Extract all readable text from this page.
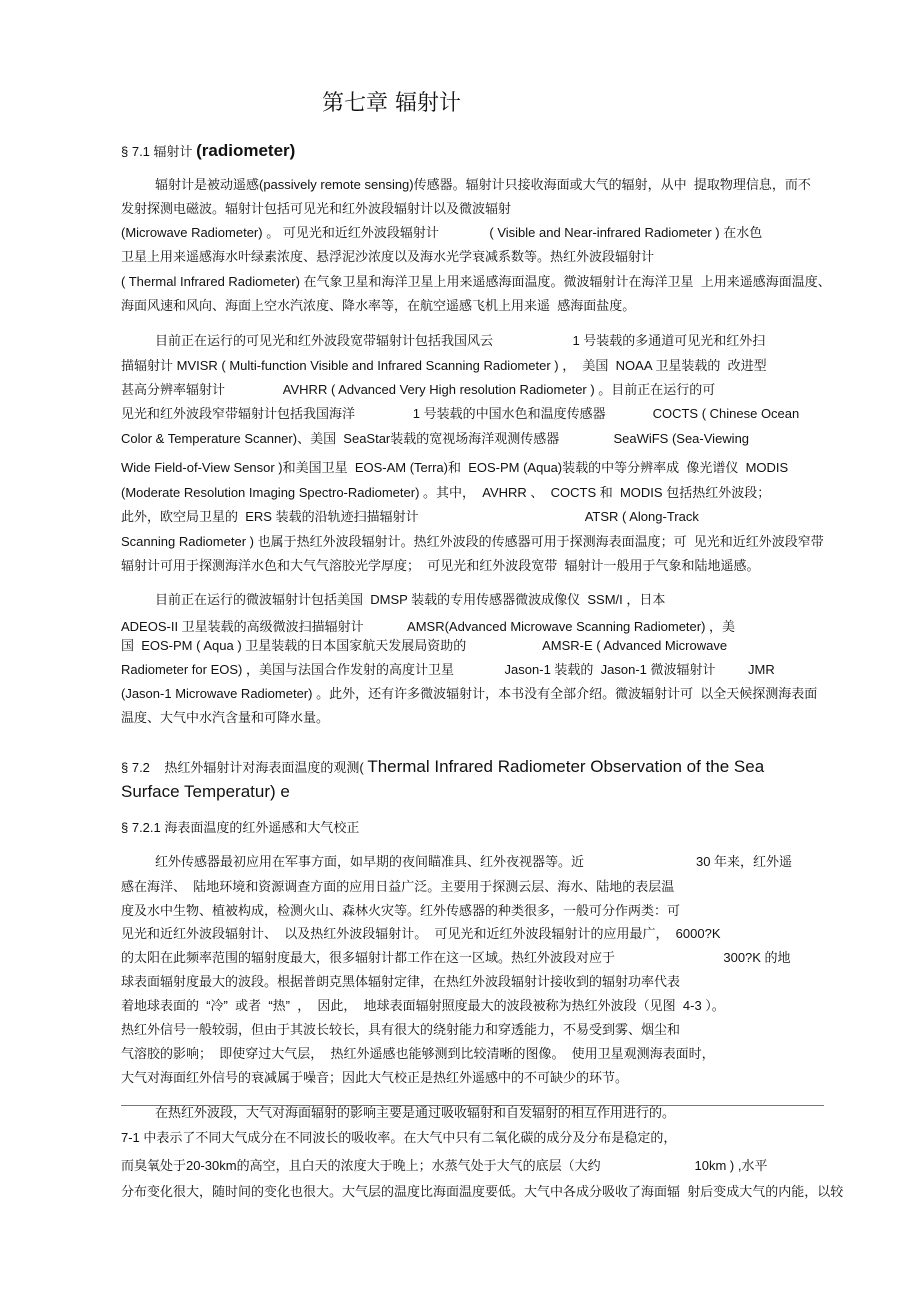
第七章 辐射计
§ 7.1 辐射计 (radiometer)
辐射计是被动遥感(passively remote sensing)传感器。辐射计只接收海面或大气的辐射，从中  提取物理信息，而不
发射探测电磁波。辐射计包括可见光和红外波段辐射计以及微波辐射
(Microwave Radiometer) 。 可见光和近红外波段辐射计              ( Visible and Near-infrared Radiometer ) 在水色
卫星上用来遥感海水叶绿素浓度、悬浮泥沙浓度以及海水光学衰减系数等。热红外波段辐射计
( Thermal Infrared Radiometer) 在气象卫星和海洋卫星上用来遥感海面温度。微波辐射计在海洋卫星  上用来遥感海面温度、
海面风速和风向、海面上空水汽浓度、降水率等，在航空遥感飞机上用来遥  感海面盐度。
目前正在运行的可见光和红外波段宽带辐射计包括我国风云                      1 号装载的多通道可见光和红外扫
描辐射计 MVISR ( Multi-function Visible and Infrared Scanning Radiometer ) ，  美国  NOAA 卫星装载的  改进型
甚高分辨率辐射计                AVHRR ( Advanced Very High resolution Radiometer ) 。目前正在运行的可
见光和红外波段窄带辐射计包括我国海洋                1 号装载的中国水色和温度传感器             COCTS ( Chinese Ocean
Color & Temperature Scanner)、美国  SeaStar装载的宽视场海洋观测传感器               SeaWiFS (Sea-Viewing
Wide Field-of-View Sensor )和美国卫星  EOS-AM (Terra)和  EOS-PM (Aqua)装载的中等分辨率成  像光谱仪  MODIS
(Moderate Resolution Imaging Spectro-Radiometer) 。其中，  AVHRR 、  COCTS 和  MODIS 包括热红外波段；
此外，欧空局卫星的  ERS 装载的沿轨迹扫描辐射计                                              ATSR ( Along-Track
Scanning Radiometer ) 也属于热红外波段辐射计。热红外波段的传感器可用于探测海表面温度；可  见光和近红外波段窄带
辐射计可用于探测海洋水色和大气气溶胶光学厚度；  可见光和红外波段宽带  辐射计一般用于气象和陆地遥感。
目前正在运行的微波辐射计包括美国  DMSP 装载的专用传感器微波成像仪  SSM/I ，日本
ADEOS-II 卫星装载的高级微波扫描辐射计            AMSR(Advanced Microwave Scanning Radiometer) ，美
国  EOS-PM ( Aqua ) 卫星装载的日本国家航天发展局资助的                     AMSR-E ( Advanced Microwave
Radiometer for EOS) ，美国与法国合作发射的高度计卫星              Jason-1 装载的  Jason-1 微波辐射计         JMR
(Jason-1 Microwave Radiometer) 。此外，还有许多微波辐射计，本书没有全部介绍。微波辐射计可  以全天候探测海表面
温度、大气中水汽含量和可降水量。
§ 7.2    热红外辐射计对海表面温度的观测( Thermal Infrared Radiometer Observation of the Sea
Surface Temperatur) e
§ 7.2.1 海表面温度的红外遥感和大气校正
红外传感器最初应用在军事方面，如早期的夜间瞄准具、红外夜视器等。近                               30 年来，红外遥
感在海洋、  陆地环境和资源调查方面的应用日益广泛。主要用于探测云层、海水、陆地的表层温
度及水中生物、植被构成，检测火山、森林火灾等。红外传感器的种类很多，一般可分作两类：可
见光和近红外波段辐射计、  以及热红外波段辐射计。  可见光和近红外波段辐射计的应用最广，  6000?K
的太阳在此频率范围的辐射度最大，很多辐射计都工作在这一区域。热红外波段对应于                              300?K 的地
球表面辐射度最大的波段。根据普朗克黑体辐射定律，在热红外波段辐射计接收到的辐射功率代表
着地球表面的  “冷”  或者  “热”  ，  因此，  地球表面辐射照度最大的波段被称为热红外波段（见图  4-3 ）。
热红外信号一般较弱，但由于其波长较长，具有很大的绕射能力和穿透能力，不易受到雾、烟尘和
气溶胶的影响；  即使穿过大气层，  热红外遥感也能够测到比较清晰的图像。  使用卫星观测海表面时，
大气对海面红外信号的衰减属于噪音；因此大气校正是热红外遥感中的不可缺少的环节。
在热红外波段，大气对海面辐射的影响主要是通过吸收辐射和自发辐射的相互作用进行的。
7-1 中表示了不同大气成分在不同波长的吸收率。在大气中只有二氧化碳的成分及分布是稳定的，
而臭氧处于20-30km的高空，且白天的浓度大于晚上；水蒸气处于大气的底层（大约                          10km ) ,水平
分布变化很大，随时间的变化也很大。大气层的温度比海面温度要低。大气中各成分吸收了海面辐  射后变成大气的内能，以较
